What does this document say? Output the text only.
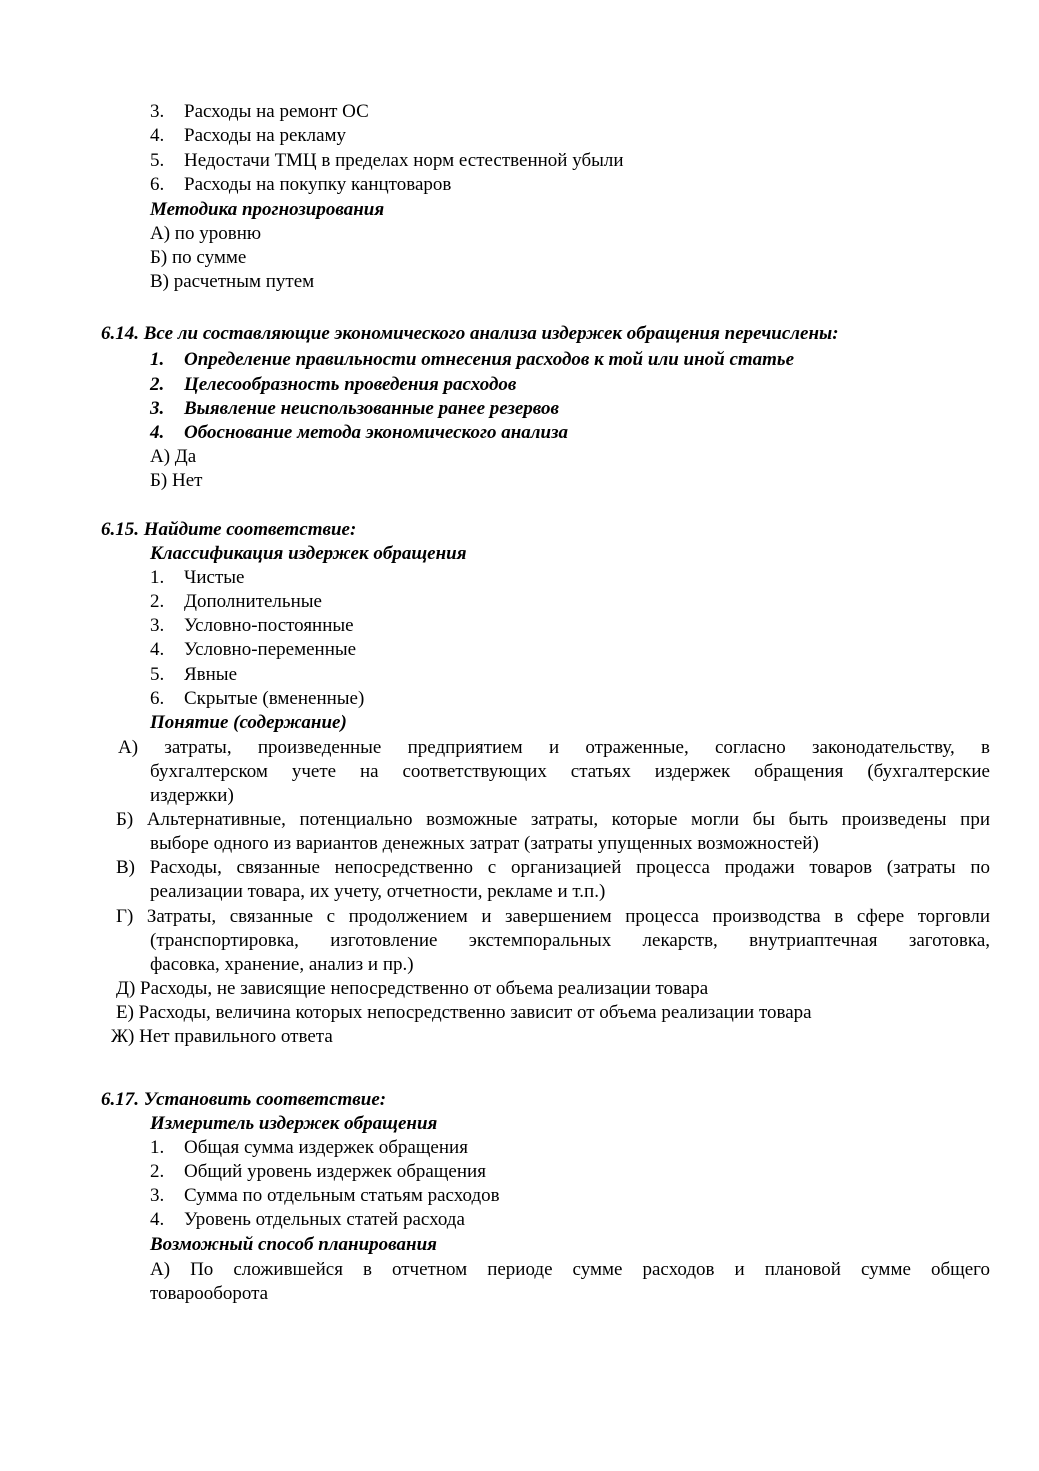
3. Расходы на ремонт ОС
4. Расходы на рекламу
5. Недостачи ТМЦ в пределах норм естественной убыли
6. Расходы на покупку канцтоваров
Методика прогнозирования
А) по уровню
Б) по сумме
В) расчетным путем
6.14. Все ли составляющие экономического анализа издержек обращения перечислены:
1. Определение правильности отнесения расходов к той или иной статье
2. Целесообразность проведения расходов
3. Выявление неиспользованные ранее резервов
4. Обоснование метода экономического анализа
А) Да
Б) Нет
6.15. Найдите соответствие:
Классификация издержек обращения
1. Чистые
2. Дополнительные
3. Условно-постоянные
4. Условно-переменные
5. Явные
6. Скрытые (вмененные)
Понятие (содержание)
А) затраты, произведенные предприятием и отраженные, согласно законодательству, в
бухгалтерском учете на соответствующих статьях издержек обращения (бухгалтерские
издержки)
Б) Альтернативные, потенциально возможные затраты, которые могли бы быть произведены при
выборе одного из вариантов денежных затрат (затраты упущенных возможностей)
В) Расходы, связанные непосредственно с организацией процесса продажи товаров (затраты по
реализации товара, их учету, отчетности, рекламе и т.п.)
Г) Затраты, связанные с продолжением и завершением процесса производства в сфере торговли
(транспортировка, изготовление экстемпоральных лекарств, внутриаптечная заготовка,
фасовка, хранение, анализ и пр.)
Д) Расходы, не зависящие непосредственно от объема реализации товара
Е) Расходы, величина которых непосредственно зависит от объема реализации товара
Ж) Нет правильного ответа
6.17. Установить соответствие:
Измеритель издержек обращения
1. Общая сумма издержек обращения
2. Общий уровень издержек обращения
3. Сумма по отдельным статьям расходов
4. Уровень отдельных статей расхода
Возможный способ планирования
А) По сложившейся в отчетном периоде сумме расходов и плановой сумме общего
товарооборота
